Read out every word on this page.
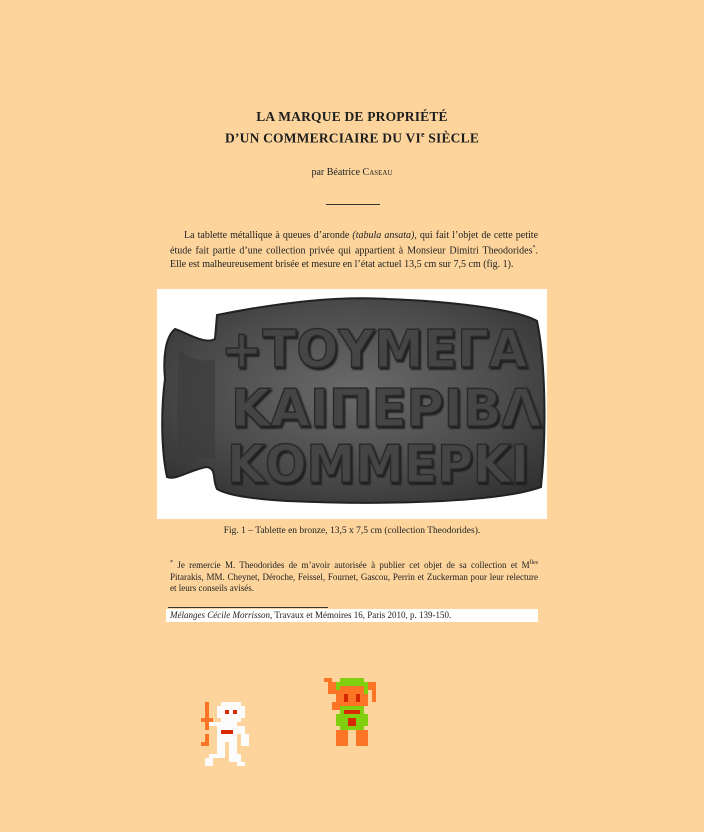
LA MARQUE DE PROPRIÉTÉ
D’UN COMMERCIAIRE DU VIe SIÈCLE
par Béatrice Caseau
La tablette métallique à queues d’aronde (tabula ansata), qui fait l’objet de cette petite étude fait partie d’une collection privée qui appartient à Monsieur Dimitri Theodorides*. Elle est malheureusement brisée et mesure en l’état actuel 13,5 cm sur 7,5 cm (fig. 1).
+ΤΟΥΜΕΓΑ
ΚΑΙΠΕΡΙΒΛ
ΚΟΜΜΕΡΚΙ
Fig. 1 – Tablette en bronze, 13,5 x 7,5 cm (collection Theodorides).
* Je remercie M. Theodorides de m’avoir autorisée à publier cet objet de sa collection et $M^{lles}$ Pitarakis, MM. Cheynet, Déroche, Feissel, Fournet, Gascou, Perrin et Zuckerman pour leur relecture et leurs conseils avisés.
Mélanges Cécile Morrisson, Travaux et Mémoires 16, Paris 2010, p. 139-150.
